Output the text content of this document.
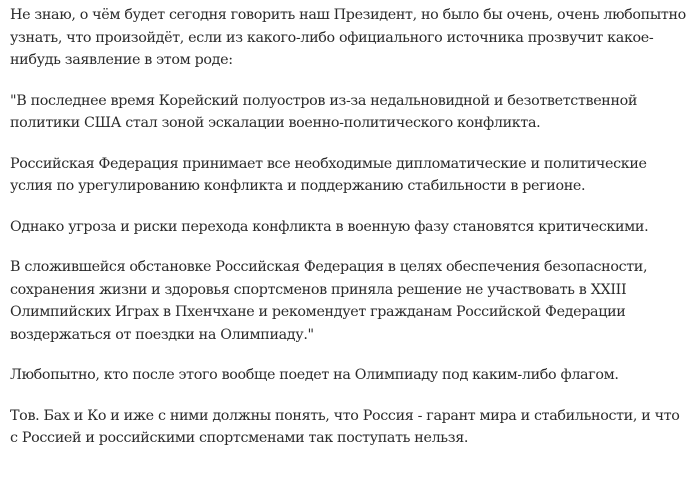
Не знаю, о чём будет сегодня говорить наш Президент, но было бы очень, очень любопытно узнать, что произойдёт, если из какого-либо официального источника прозвучит какое-нибудь заявление в этом роде:

"В последнее время Корейский полуостров из-за недальновидной и безответственной политики США стал зоной эскалации военно-политического конфликта.

Российская Федерация принимает все необходимые дипломатические и политические услия по урегулированию конфликта и поддержанию стабильности в регионе.

Однако угроза и риски перехода конфликта в военную фазу становятся критическими.

В сложившейся обстановке Российская Федерация в целях обеспечения безопасности, сохранения жизни и здоровья спортсменов приняла решение не участвовать в XXIII Олимпийских Играх в Пхенчхане и рекомендует гражданам Российской Федерации воздержаться от поездки на Олимпиаду."

Любопытно, кто после этого вообще поедет на Олимпиаду под каким-либо флагом.

Тов. Бах и Ко и иже с ними должны понять, что Россия - гарант мира и стабильности, и что с Россией и российскими спортсменами так поступать нельзя.
